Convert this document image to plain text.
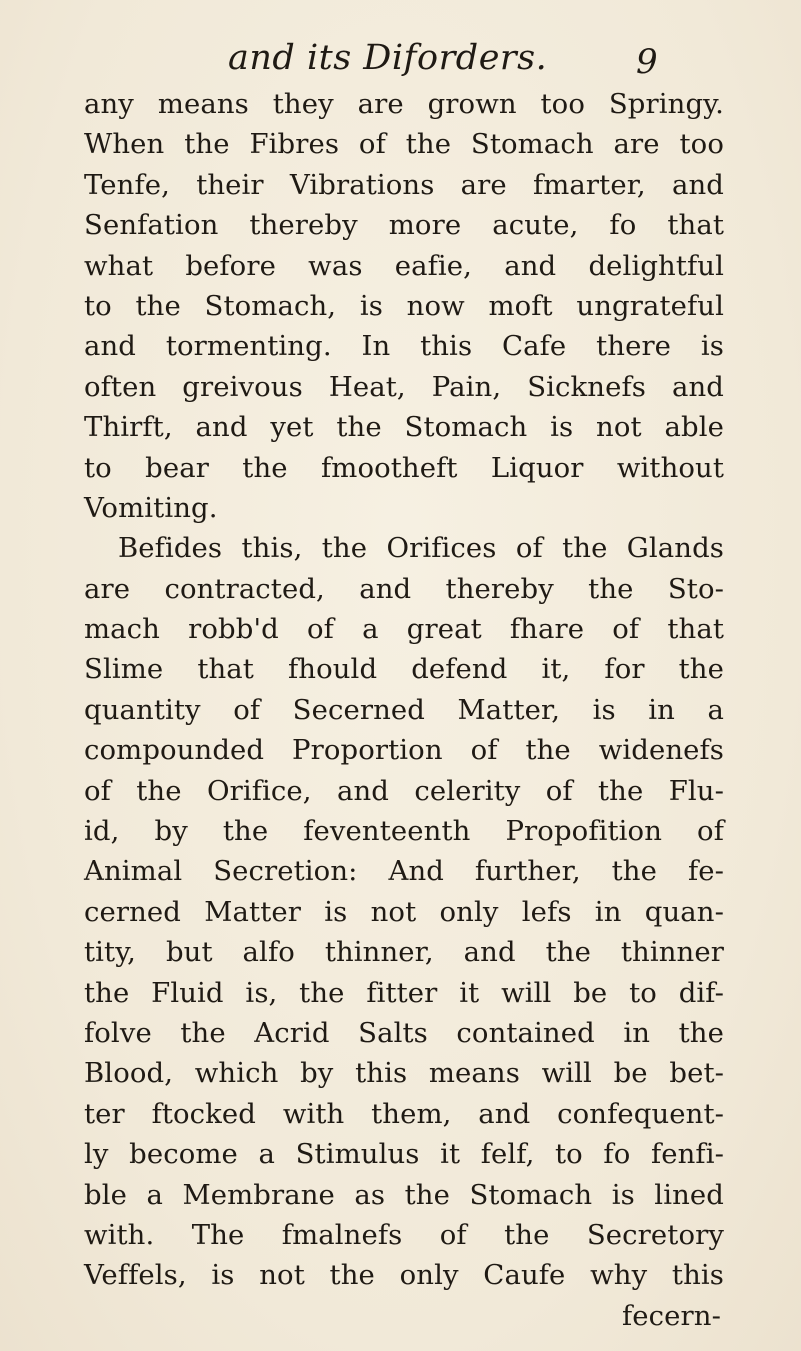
and its Diforders.	9
any means they are grown too Springy.
When the Fibres of the Stomach are too
Tenfe, their Vibrations are fmarter, and
Senfation thereby more acute, fo that
what before was eafie, and delightful
to the Stomach, is now moft ungrateful
and tormenting. In this Cafe there is
often greivous Heat, Pain, Sicknefs and
Thirft, and yet the Stomach is not able
to bear the fmootheft Liquor without
Vomiting.
Befides this, the Orifices of the Glands
are contracted, and thereby the Sto-
mach robb'd of a great fhare of that
Slime that fhould defend it, for the
quantity of Secerned Matter, is in a
compounded Proportion of the widenefs
of the Orifice, and celerity of the Flu-
id, by the feventeenth Propofition of
Animal Secretion: And further, the fe-
cerned Matter is not only lefs in quan-
tity, but alfo thinner, and the thinner
the Fluid is, the fitter it will be to dif-
folve the Acrid Salts contained in the
Blood, which by this means will be bet-
ter ftocked with them, and confequent-
ly become a Stimulus it felf, to fo fenfi-
ble a Membrane as the Stomach is lined
with. The fmalnefs of the Secretory
Veffels, is not the only Caufe why this
fecern-
